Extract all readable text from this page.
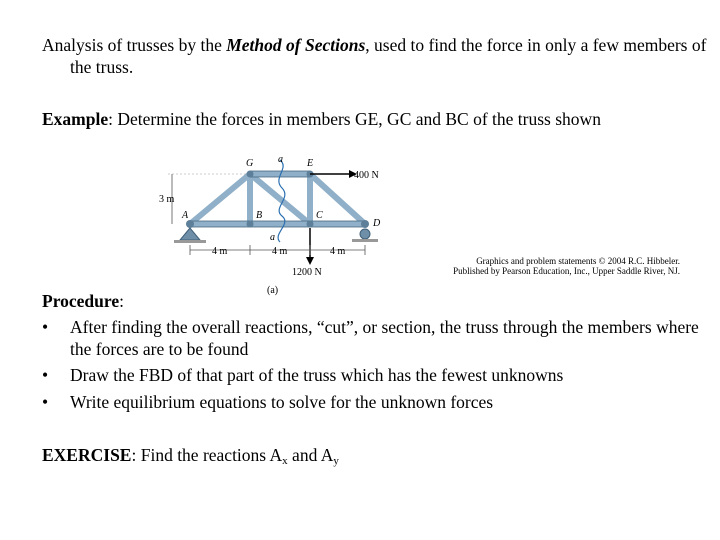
Analysis of trusses by the Method of Sections, used to find the force in only a few members of the truss.
Example: Determine the forces in members GE, GC and BC of the truss shown
G a E
400 N
3 m
A	B	C
D
a
4 m	4 m	4 m
1200 N
(a)
Graphics and problem statements © 2004 R.C. Hibbeler. Published by Pearson Education, Inc., Upper Saddle River, NJ.
Procedure:
• After finding the overall reactions, “cut”, or section, the truss through the members where the forces are to be found
• Draw the FBD of that part of the truss which has the fewest unknowns
• Write equilibrium equations to solve for the unknown forces
EXERCISE: Find the reactions $A_x$ and $A_y$
